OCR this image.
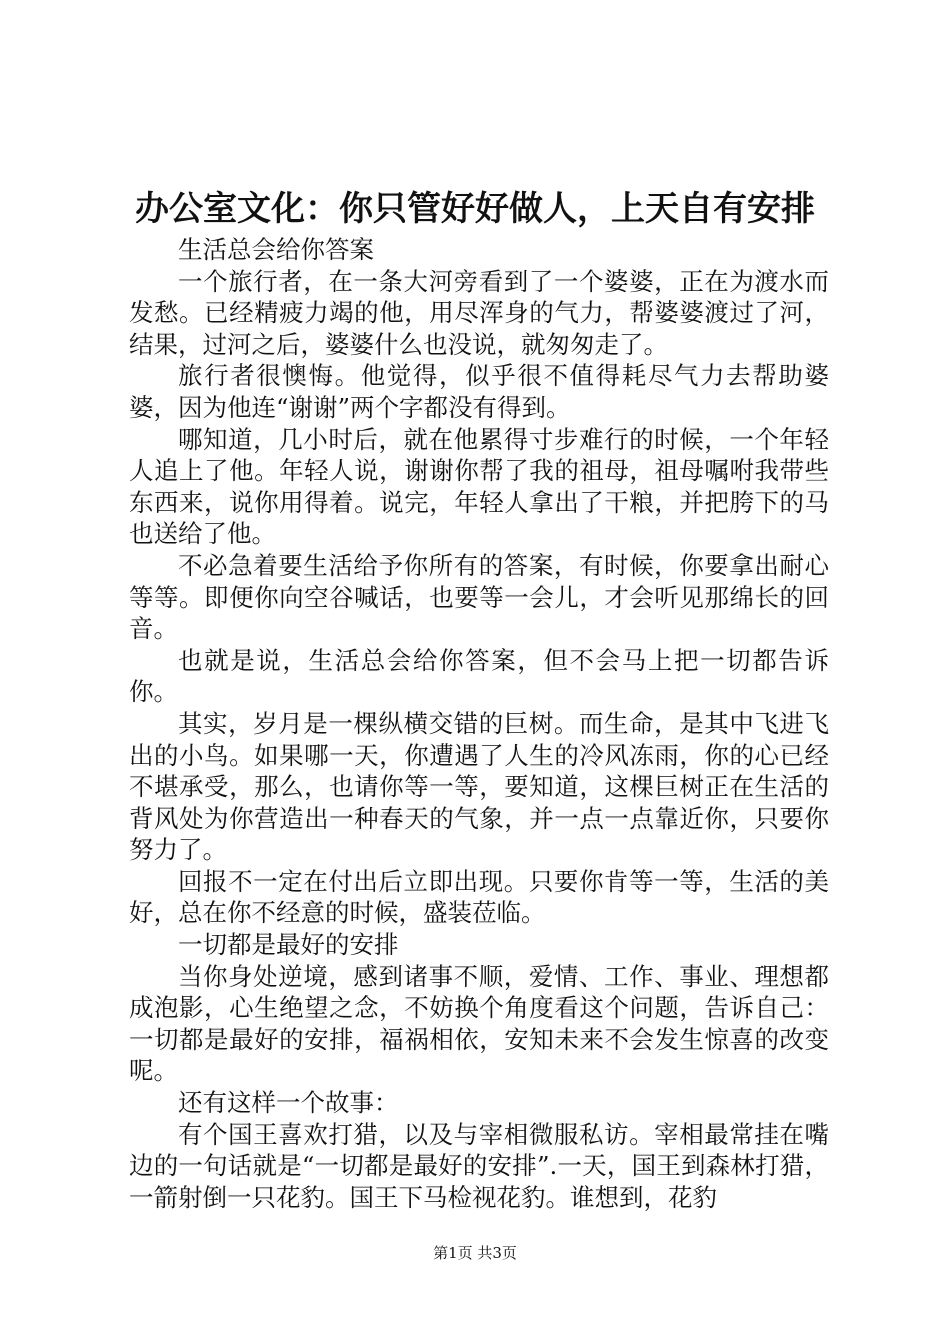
办公室文化：你只管好好做人，上天自有安排

生活总会给你答案

一个旅行者，在一条大河旁看到了一个婆婆，正在为渡水而发愁。已经精疲力竭的他，用尽浑身的气力，帮婆婆渡过了河，结果，过河之后，婆婆什么也没说，就匆匆走了。

旅行者很懊悔。他觉得，似乎很不值得耗尽气力去帮助婆婆，因为他连“谢谢”两个字都没有得到。

哪知道，几小时后，就在他累得寸步难行的时候，一个年轻人追上了他。年轻人说，谢谢你帮了我的祖母，祖母嘱咐我带些东西来，说你用得着。说完，年轻人拿出了干粮，并把胯下的马也送给了他。

不必急着要生活给予你所有的答案，有时候，你要拿出耐心等等。即便你向空谷喊话，也要等一会儿，才会听见那绵长的回音。

也就是说，生活总会给你答案，但不会马上把一切都告诉你。

其实，岁月是一棵纵横交错的巨树。而生命，是其中飞进飞出的小鸟。如果哪一天，你遭遇了人生的冷风冻雨，你的心已经不堪承受，那么，也请你等一等，要知道，这棵巨树正在生活的背风处为你营造出一种春天的气象，并一点一点靠近你，只要你努力了。

回报不一定在付出后立即出现。只要你肯等一等，生活的美好，总在你不经意的时候，盛装莅临。

一切都是最好的安排

当你身处逆境，感到诸事不顺，爱情、工作、事业、理想都成泡影，心生绝望之念，不妨换个角度看这个问题，告诉自己：一切都是最好的安排，福祸相依，安知未来不会发生惊喜的改变呢。

还有这样一个故事：

有个国王喜欢打猎，以及与宰相微服私访。宰相最常挂在嘴边的一句话就是“一切都是最好的安排”.一天，国王到森林打猎，一箭射倒一只花豹。国王下马检视花豹。谁想到，花豹

第1页 共3页
